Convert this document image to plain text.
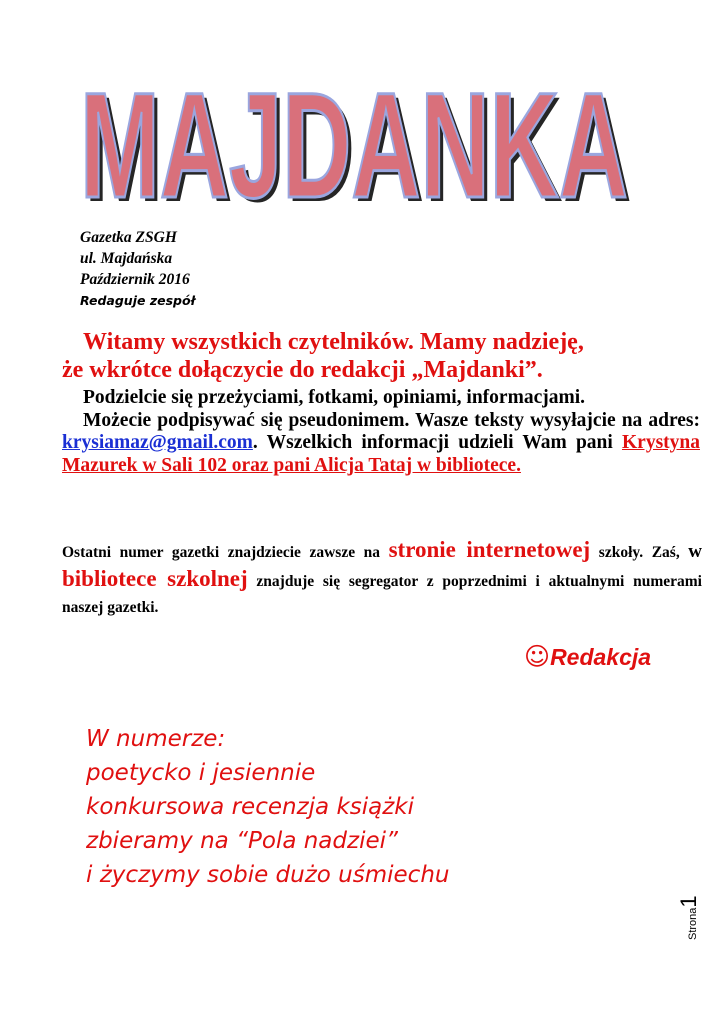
MAJDANKA
MAJDANKA
Gazetka ZSGH
ul. Majdańska
Październik 2016
Redaguje zespół
Witamy wszystkich czytelników. Mamy nadzieję,
że wkrótce dołączycie do redakcji „Majdanki”.

Podzielcie się przeżyciami, fotkami, opiniami, informacjami.

Możecie podpisywać się pseudonimem. Wasze teksty wysyłajcie na adres: krysiamaz@gmail.com. Wszelkich informacji udzieli Wam pani Krystyna Mazurek w Sali 102 oraz pani Alicja Tataj w bibliotece.

Ostatni numer gazetki znajdziecie zawsze na stronie internetowej szkoły. Zaś, w bibliotece szkolnej znajduje się segregator z poprzednimi i aktualnymi numerami naszej gazetki.
☺Redakcja
W numerze:
poetycko i jesiennie
konkursowa recenzja książki
zbieramy na “Pola nadziei”
i życzymy sobie dużo uśmiechu
Strona1
